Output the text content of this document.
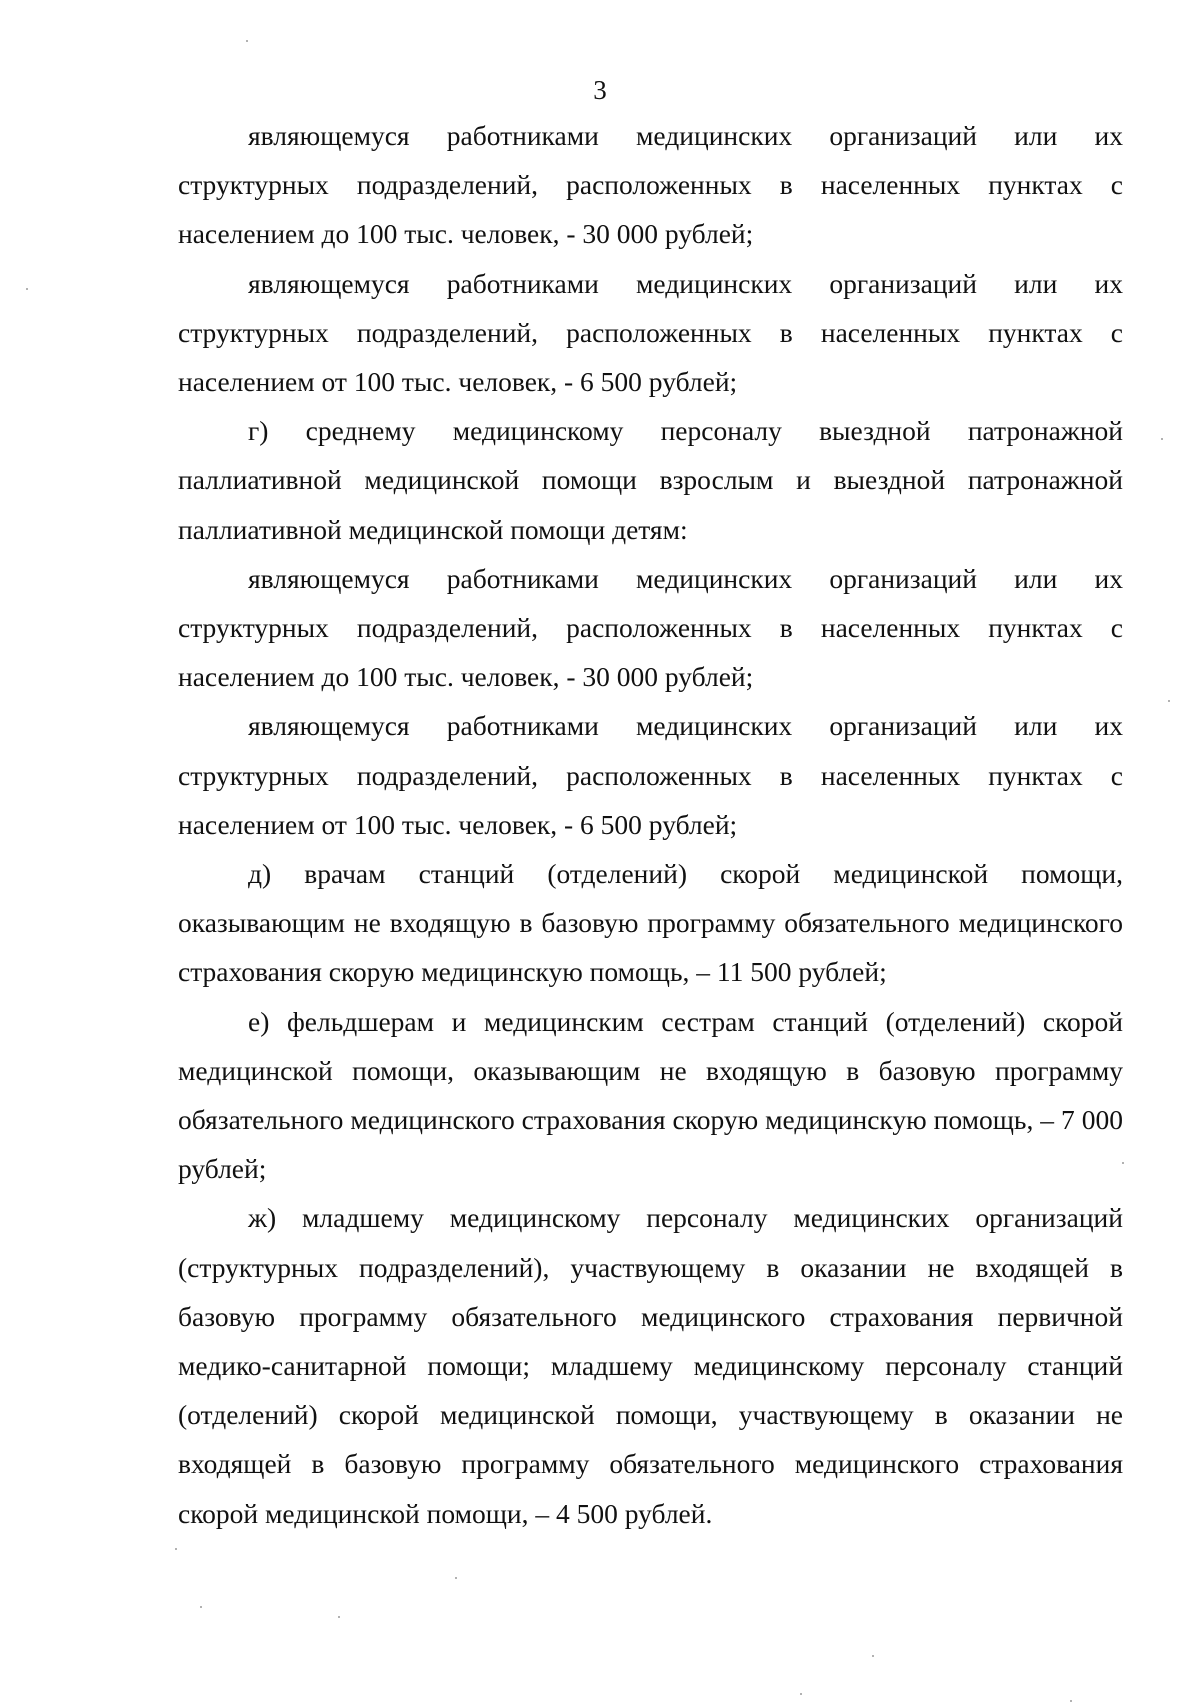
3

являющемуся работниками медицинских организаций или их структурных подразделений, расположенных в населенных пунктах с населением до 100 тыс. человек, - 30 000 рублей;

являющемуся работниками медицинских организаций или их структурных подразделений, расположенных в населенных пунктах с населением от 100 тыс. человек, - 6 500 рублей;

г) среднему медицинскому персоналу выездной патронажной паллиативной медицинской помощи взрослым и выездной патронажной паллиативной медицинской помощи детям:

являющемуся работниками медицинских организаций или их структурных подразделений, расположенных в населенных пунктах с населением до 100 тыс. человек, - 30 000 рублей;

являющемуся работниками медицинских организаций или их структурных подразделений, расположенных в населенных пунктах с населением от 100 тыс. человек, - 6 500 рублей;

д) врачам станций (отделений) скорой медицинской помощи, оказывающим не входящую в базовую программу обязательного медицинского страхования скорую медицинскую помощь, – 11 500 рублей;

е) фельдшерам и медицинским сестрам станций (отделений) скорой медицинской помощи, оказывающим не входящую в базовую программу обязательного медицинского страхования скорую медицинскую помощь, – 7 000 рублей;

ж) младшему медицинскому персоналу медицинских организаций (структурных подразделений), участвующему в оказании не входящей в базовую программу обязательного медицинского страхования первичной медико-санитарной помощи; младшему медицинскому персоналу станций (отделений) скорой медицинской помощи, участвующему в оказании не входящей в базовую программу обязательного медицинского страхования скорой медицинской помощи, – 4 500 рублей.
